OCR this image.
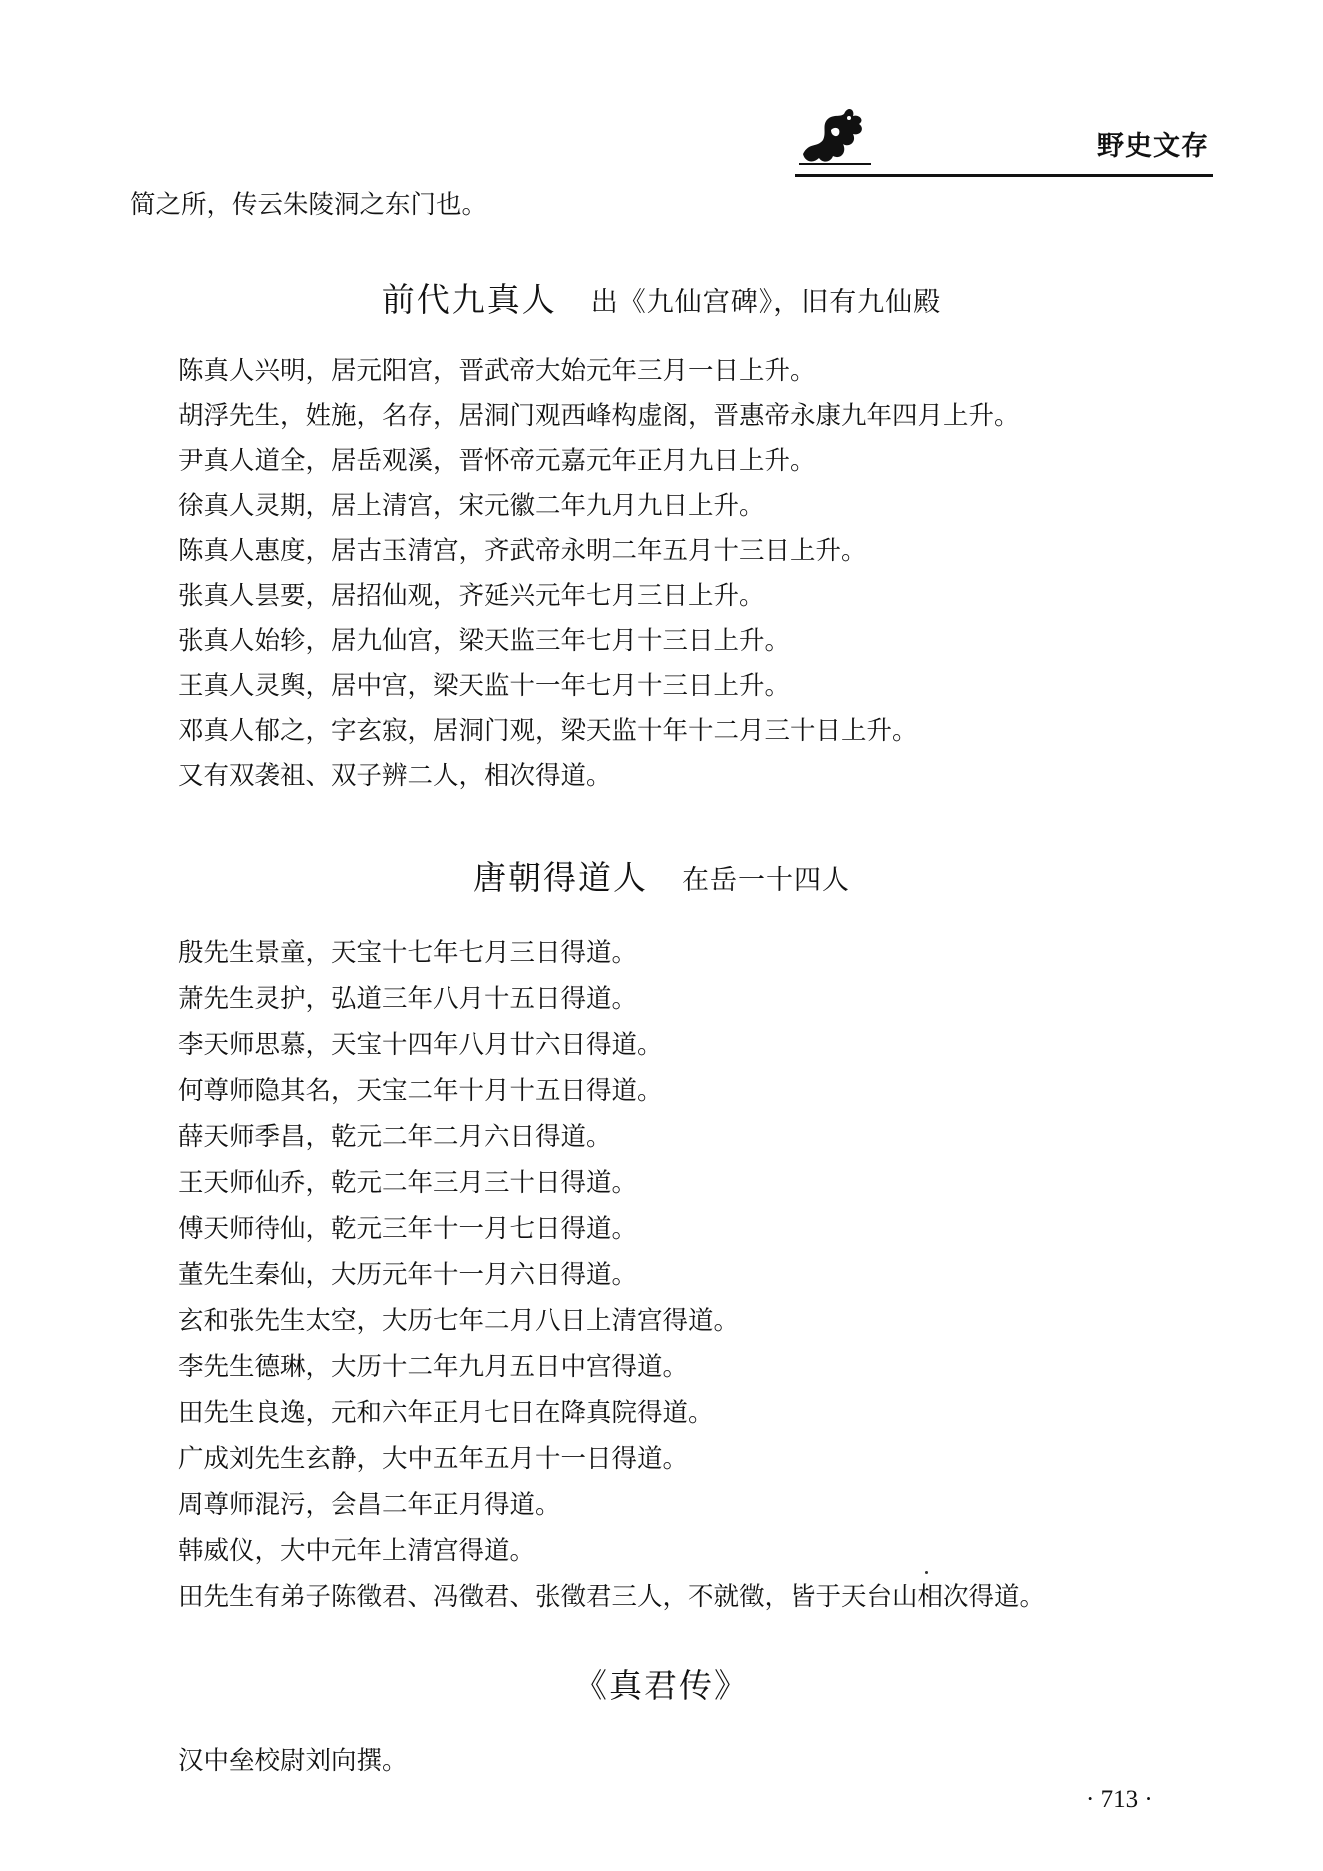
野史文存
简之所，传云朱陵洞之东门也。
前代九真人 出《九仙宫碑》，旧有九仙殿
陈真人兴明，居元阳宫，晋武帝大始元年三月一日上升。
胡浮先生，姓施，名存，居洞门观西峰构虚阁，晋惠帝永康九年四月上升。
尹真人道全，居岳观溪，晋怀帝元嘉元年正月九日上升。
徐真人灵期，居上清宫，宋元徽二年九月九日上升。
陈真人惠度，居古玉清宫，齐武帝永明二年五月十三日上升。
张真人昙要，居招仙观，齐延兴元年七月三日上升。
张真人始轸，居九仙宫，梁天监三年七月十三日上升。
王真人灵舆，居中宫，梁天监十一年七月十三日上升。
邓真人郁之，字玄寂，居洞门观，梁天监十年十二月三十日上升。
又有双袭祖、双子辨二人，相次得道。
唐朝得道人 在岳一十四人
殷先生景童，天宝十七年七月三日得道。
萧先生灵护，弘道三年八月十五日得道。
李天师思慕，天宝十四年八月廿六日得道。
何尊师隐其名，天宝二年十月十五日得道。
薛天师季昌，乾元二年二月六日得道。
王天师仙乔，乾元二年三月三十日得道。
傅天师待仙，乾元三年十一月七日得道。
董先生秦仙，大历元年十一月六日得道。
玄和张先生太空，大历七年二月八日上清宫得道。
李先生德琳，大历十二年九月五日中宫得道。
田先生良逸，元和六年正月七日在降真院得道。
广成刘先生玄静，大中五年五月十一日得道。
周尊师混污，会昌二年正月得道。
韩威仪，大中元年上清宫得道。
田先生有弟子陈徵君、冯徵君、张徵君三人，不就徵，皆于天台山相次得道。
《真君传》
汉中垒校尉刘向撰。
· 713 ·
